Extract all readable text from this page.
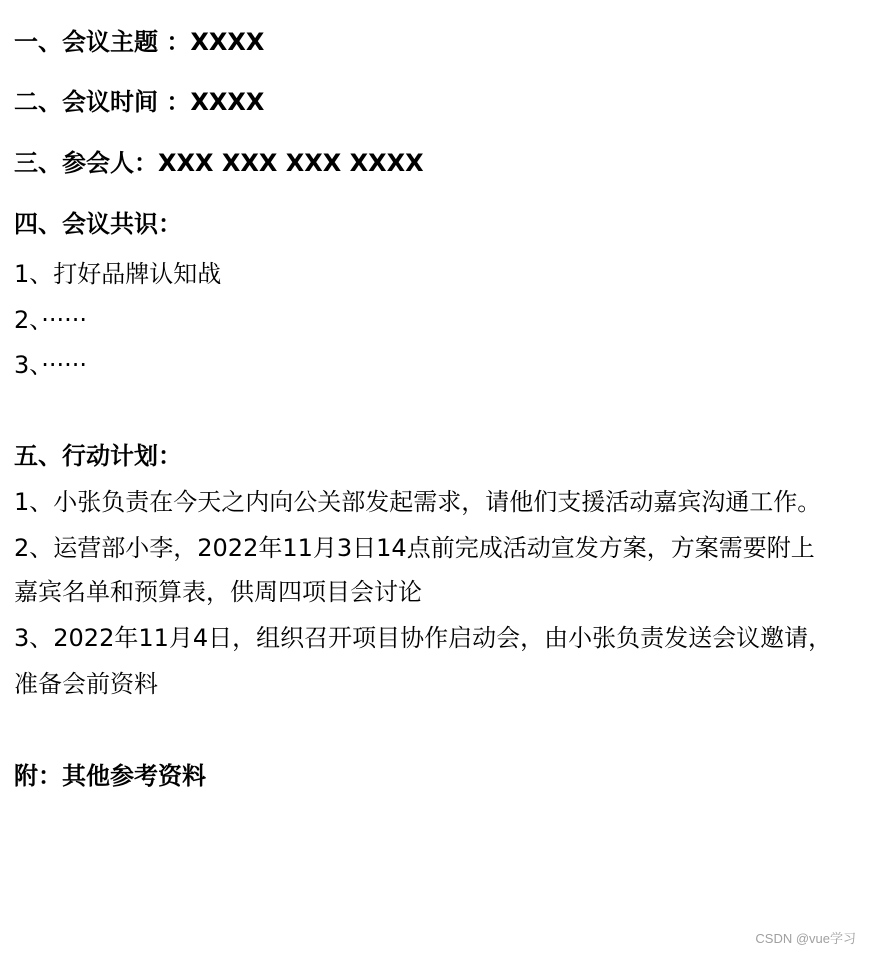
一、会议主题 ：XXXX
二、会议时间 ：XXXX
三、参会人：XXX XXX XXX XXXX
四、会议共识：
1、打好品牌认知战
2、······
3、······
五、行动计划：
1、小张负责在今天之内向公关部发起需求，请他们支援活动嘉宾沟通工作。
2、运营部小李，2022年11月3日14点前完成活动宣发方案，方案需要附上
嘉宾名单和预算表，供周四项目会讨论
3、2022年11月4日，组织召开项目协作启动会，由小张负责发送会议邀请，
准备会前资料
附：其他参考资料
CSDN @vue学习
